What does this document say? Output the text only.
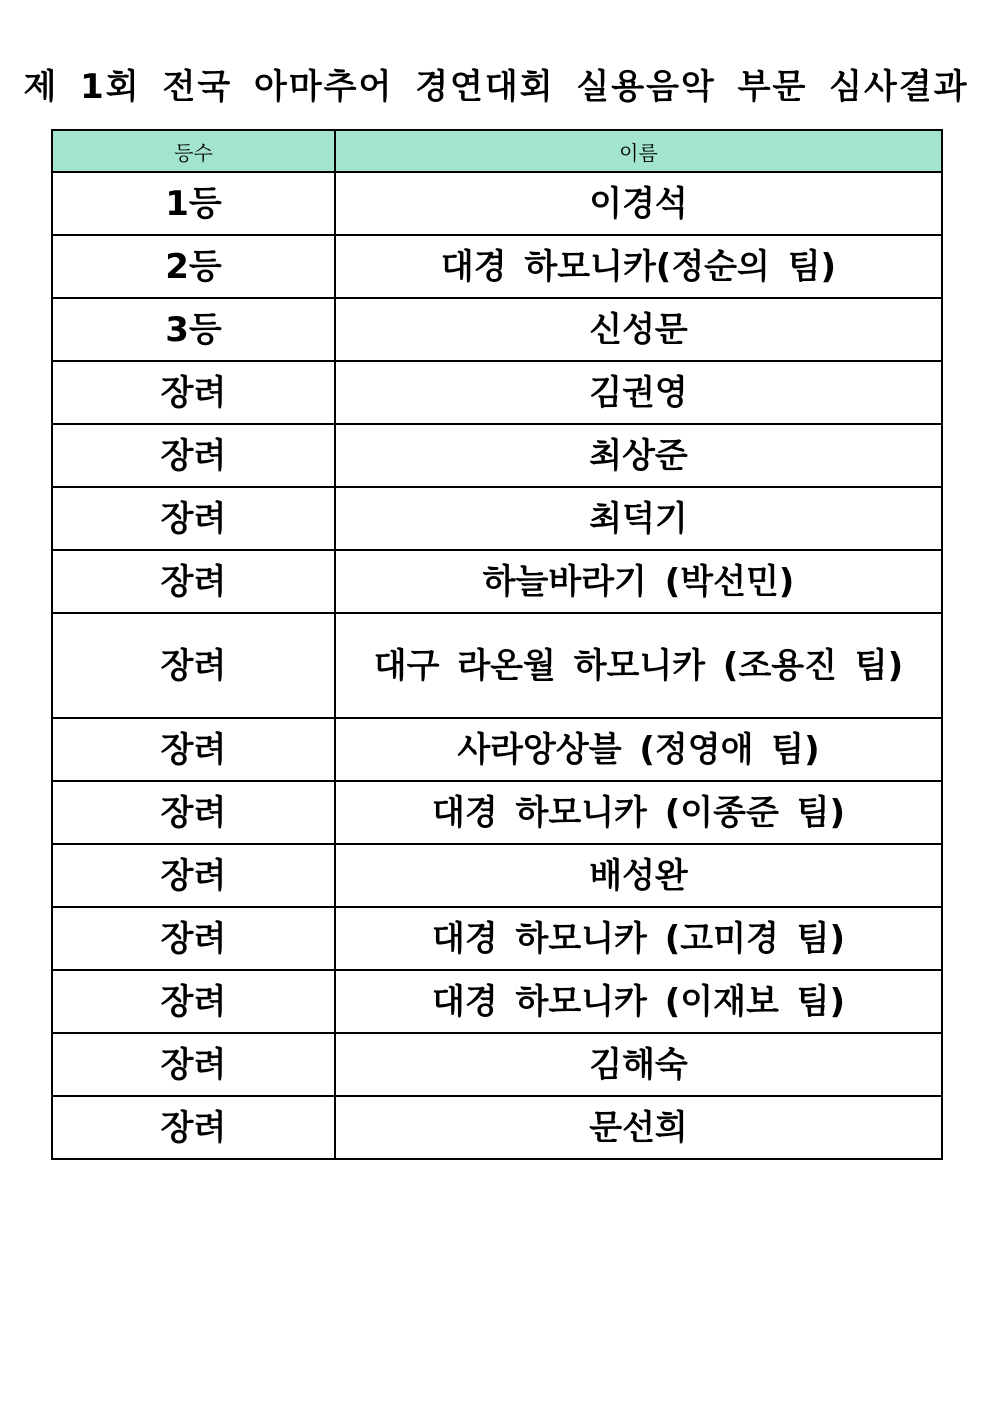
제 1회 전국 아마추어 경연대회 실용음악 부문 심사결과
등수	이름
1등	이경석
2등	대경 하모니카(정순의 팀)
3등	신성문
장려	김권영
장려	최상준
장려	최덕기
장려	하늘바라기 (박선민)
장려	대구 라온월 하모니카 (조용진 팀)
장려	사라앙상블 (정영애 팀)
장려	대경 하모니카 (이종준 팀)
장려	배성완
장려	대경 하모니카 (고미경 팀)
장려	대경 하모니카 (이재보 팀)
장려	김해숙
장려	문선희
